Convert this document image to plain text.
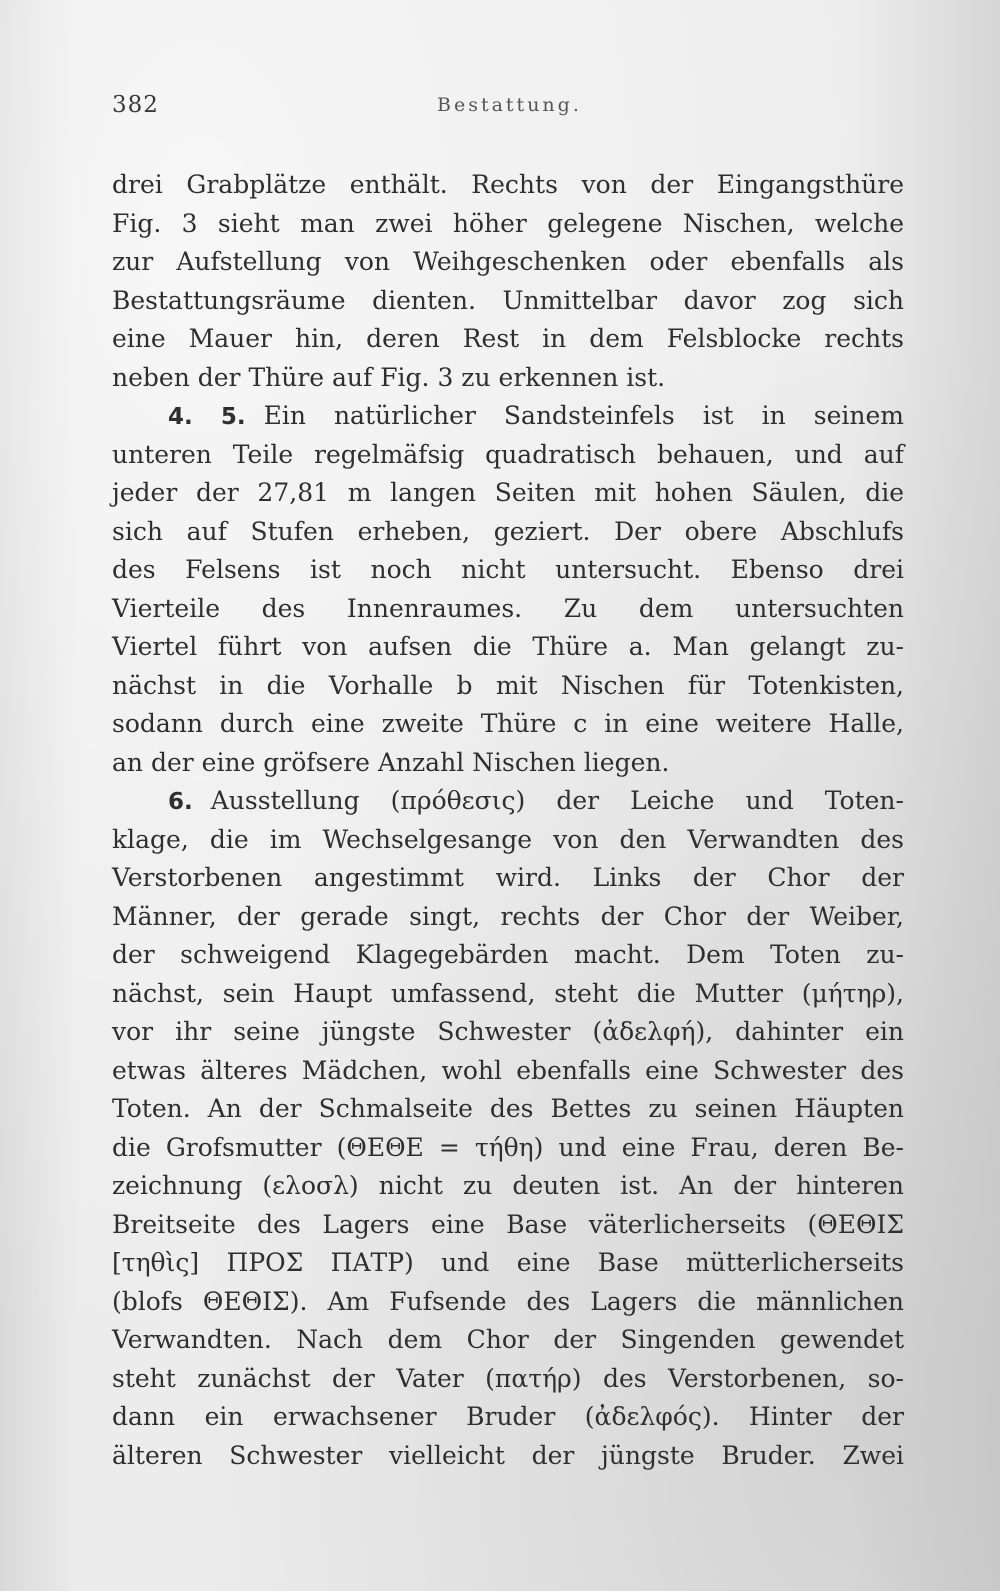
382	Bestattung.
drei Grabplätze enthält. Rechts von der Eingangsthüre
Fig. 3 sieht man zwei höher gelegene Nischen, welche
zur Aufstellung von Weihgeschenken oder ebenfalls als
Bestattungsräume dienten. Unmittelbar davor zog sich
eine Mauer hin, deren Rest in dem Felsblocke rechts
neben der Thüre auf Fig. 3 zu erkennen ist.
4. 5. Ein natürlicher Sandsteinfels ist in seinem
unteren Teile regelmäfsig quadratisch behauen, und auf
jeder der 27,81 m langen Seiten mit hohen Säulen, die
sich auf Stufen erheben, geziert. Der obere Abschlufs
des Felsens ist noch nicht untersucht. Ebenso drei
Vierteile des Innenraumes. Zu dem untersuchten
Viertel führt von aufsen die Thüre a. Man gelangt zu-
nächst in die Vorhalle b mit Nischen für Totenkisten,
sodann durch eine zweite Thüre c in eine weitere Halle,
an der eine gröfsere Anzahl Nischen liegen.
6. Ausstellung (πρόθεσις) der Leiche und Toten-
klage, die im Wechselgesange von den Verwandten des
Verstorbenen angestimmt wird. Links der Chor der
Männer, der gerade singt, rechts der Chor der Weiber,
der schweigend Klagegebärden macht. Dem Toten zu-
nächst, sein Haupt umfassend, steht die Mutter (μήτηρ),
vor ihr seine jüngste Schwester (ἀδελφή), dahinter ein
etwas älteres Mädchen, wohl ebenfalls eine Schwester des
Toten. An der Schmalseite des Bettes zu seinen Häupten
die Grofsmutter (ΘΕΘΕ = τήθη) und eine Frau, deren Be-
zeichnung (ελοσλ) nicht zu deuten ist. An der hinteren
Breitseite des Lagers eine Base väterlicherseits (ΘΕΘΙΣ
[τηθὶς] ΠΡΟΣ ΠΑΤΡ) und eine Base mütterlicherseits
(blofs ΘΕΘΙΣ). Am Fufsende des Lagers die männlichen
Verwandten. Nach dem Chor der Singenden gewendet
steht zunächst der Vater (πατήρ) des Verstorbenen, so-
dann ein erwachsener Bruder (ἀδελφός). Hinter der
älteren Schwester vielleicht der jüngste Bruder. Zwei
